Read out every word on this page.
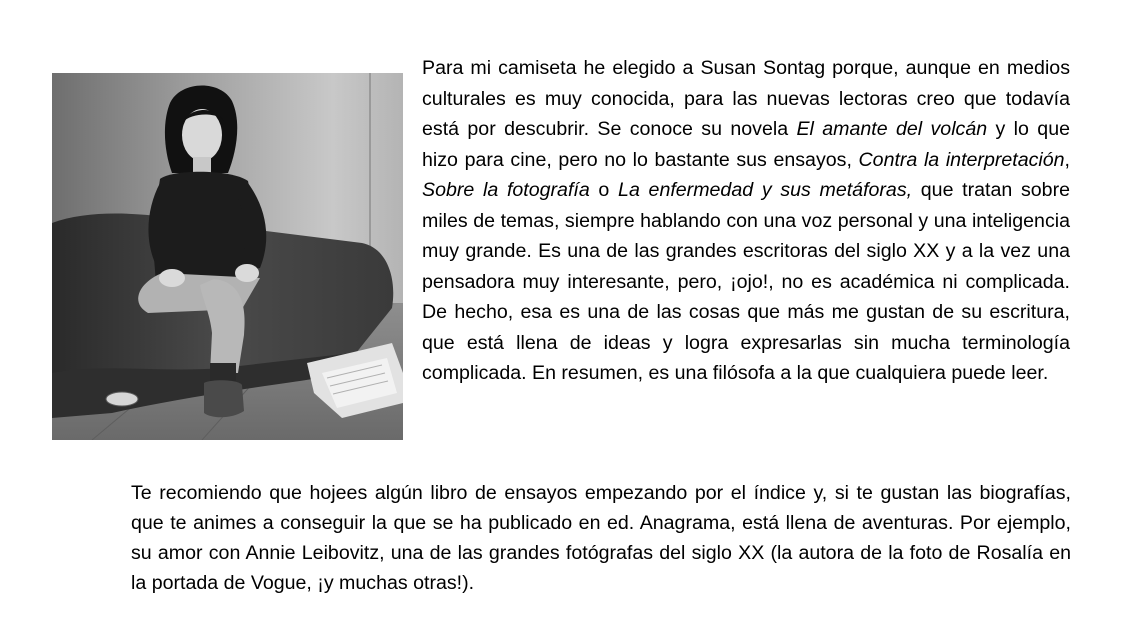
Para mi camiseta he elegido a Susan Sontag porque, aunque en medios culturales es muy conocida, para las nuevas lectoras creo que todavía está por descubrir. Se conoce su novela El amante del volcán y lo que hizo para cine, pero no lo bastante sus ensayos, Contra la interpretación, Sobre la fotografía o La enfermedad y sus metáforas, que tratan sobre miles de temas, siempre hablando con una voz personal y una inteligencia muy grande. Es una de las grandes escritoras del siglo XX y a la vez una pensadora muy interesante, pero, ¡ojo!, no es académica ni complicada. De hecho, esa es una de las cosas que más me gustan de su escritura, que está llena de ideas y logra expresarlas sin mucha terminología complicada. En resumen, es una filósofa a la que cualquiera puede leer.

Te recomiendo que hojees algún libro de ensayos empezando por el índice y, si te gustan las biografías, que te animes a conseguir la que se ha publicado en ed. Anagrama, está llena de aventuras. Por ejemplo, su amor con Annie Leibovitz, una de las grandes fotógrafas del siglo XX (la autora de la foto de Rosalía en la portada de Vogue, ¡y muchas otras!).
